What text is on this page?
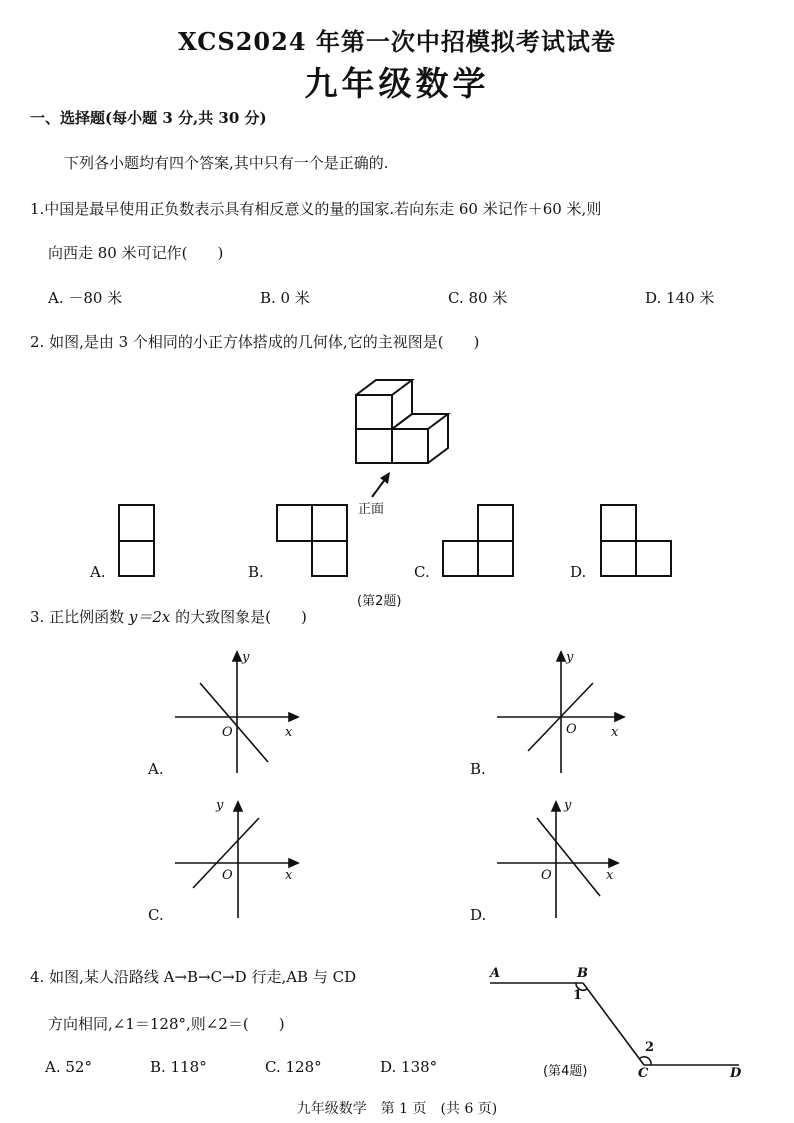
XCS2024 年第一次中招模拟考试试卷
九年级数学
一、选择题(每小题 3 分,共 30 分)
下列各小题均有四个答案,其中只有一个是正确的.
1.中国是最早使用正负数表示具有相反意义的量的国家.若向东走 60 米记作＋60 米,则
向西走 80 米可记作(　　)
A. －80 米	B. 0 米	C. 80 米	D. 140 米
2. 如图,是由 3 个相同的小正方体搭成的几何体,它的主视图是(　　)
正面
A.	B.	C.	D.
(第2题)
3. 正比例函数 y＝2x 的大致图象是(　　)
y
x
O
A.
y
x
O
B.
y
x
O
C.
y
x
O
D.
4. 如图,某人沿路线 A→B→C→D 行走,AB 与 CD
方向相同,∠1＝128°,则∠2＝(　　)
A. 52°	B. 118°	C. 128°	D. 138°
A	B
C	D
1
2
(第4题)
九年级数学　第 1 页　(共 6 页)
